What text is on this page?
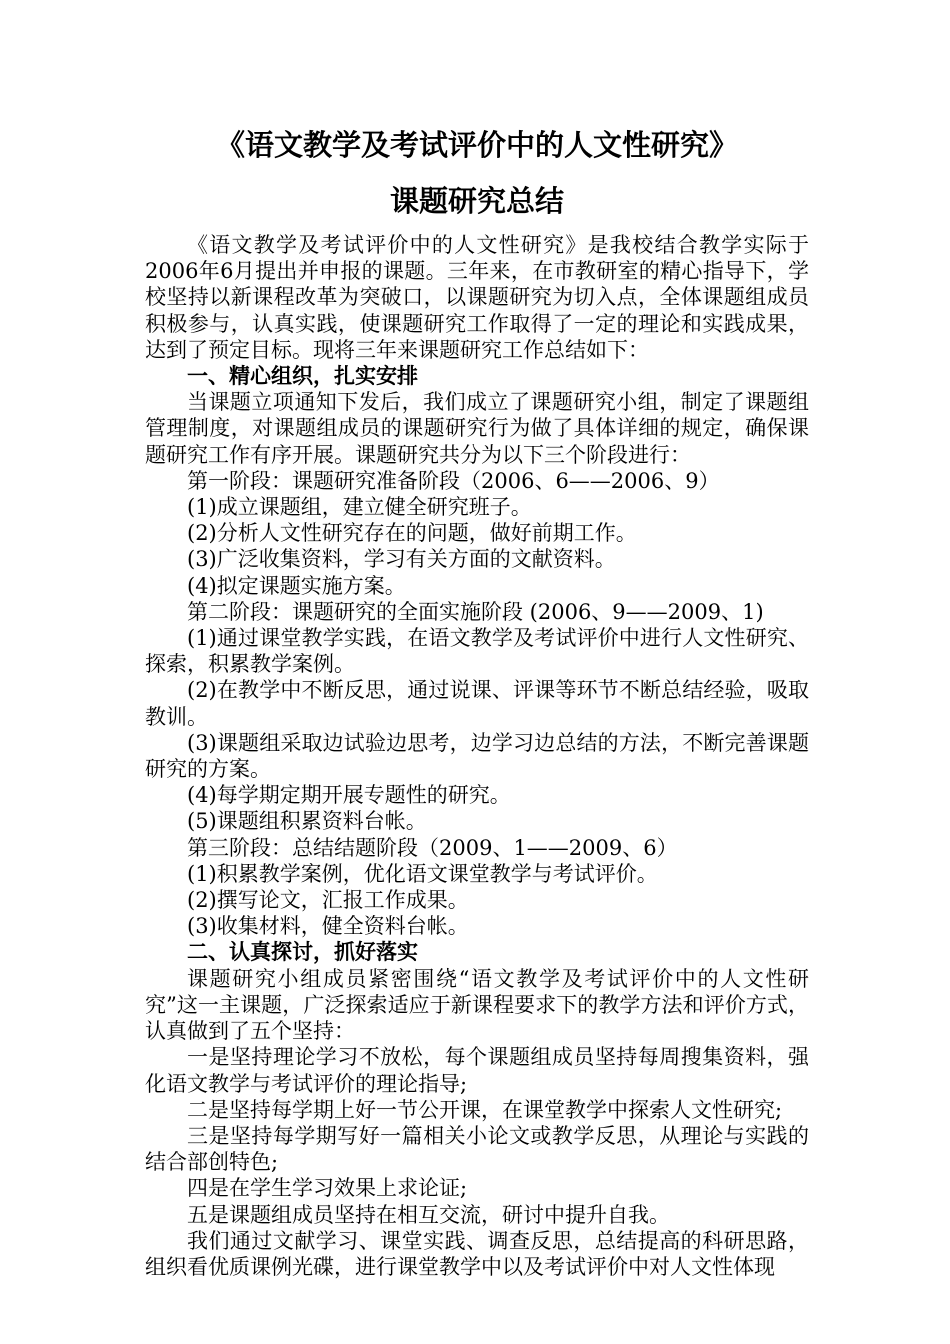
《语文教学及考试评价中的人文性研究》
课题研究总结

《语文教学及考试评价中的人文性研究》是我校结合教学实际于2006年6月提出并申报的课题。三年来，在市教研室的精心指导下，学校坚持以新课程改革为突破口，以课题研究为切入点，全体课题组成员积极参与，认真实践，使课题研究工作取得了一定的理论和实践成果，达到了预定目标。现将三年来课题研究工作总结如下：

一、精心组织，扎实安排

当课题立项通知下发后，我们成立了课题研究小组，制定了课题组管理制度，对课题组成员的课题研究行为做了具体详细的规定，确保课题研究工作有序开展。课题研究共分为以下三个阶段进行：

第一阶段：课题研究准备阶段（2006、6——2006、9）

(1)成立课题组，建立健全研究班子。

(2)分析人文性研究存在的问题，做好前期工作。

(3)广泛收集资料，学习有关方面的文献资料。

(4)拟定课题实施方案。

第二阶段：课题研究的全面实施阶段 (2006、9——2009、1)

(1)通过课堂教学实践，在语文教学及考试评价中进行人文性研究、探索，积累教学案例。

(2)在教学中不断反思，通过说课、评课等环节不断总结经验，吸取教训。

(3)课题组采取边试验边思考，边学习边总结的方法，不断完善课题研究的方案。

(4)每学期定期开展专题性的研究。

(5)课题组积累资料台帐。

第三阶段：总结结题阶段（2009、1——2009、6）

(1)积累教学案例，优化语文课堂教学与考试评价。

(2)撰写论文，汇报工作成果。

(3)收集材料，健全资料台帐。

二、认真探讨，抓好落实

课题研究小组成员紧密围绕“语文教学及考试评价中的人文性研究”这一主课题，广泛探索适应于新课程要求下的教学方法和评价方式，认真做到了五个坚持：

一是坚持理论学习不放松，每个课题组成员坚持每周搜集资料，强化语文教学与考试评价的理论指导;

二是坚持每学期上好一节公开课，在课堂教学中探索人文性研究;

三是坚持每学期写好一篇相关小论文或教学反思，从理论与实践的结合部创特色;

四是在学生学习效果上求论证;

五是课题组成员坚持在相互交流，研讨中提升自我。

我们通过文献学习、课堂实践、调查反思，总结提高的科研思路，组织看优质课例光碟，进行课堂教学中以及考试评价中对人文性体现
